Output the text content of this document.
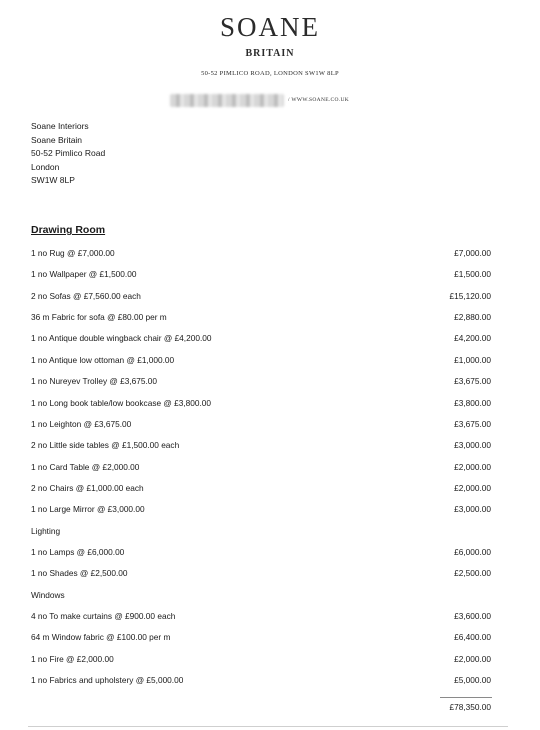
SOANE
BRITAIN
50-52 PIMLICO ROAD, LONDON SW1W 8LP
/ WWW.SOANE.CO.UK
Soane Interiors
Soane Britain
50-52 Pimlico Road
London
SW1W 8LP
Drawing Room
1 no Rug @ £7,000.00	£7,000.00
1 no Wallpaper @ £1,500.00	£1,500.00
2 no Sofas @ £7,560.00 each	£15,120.00
36 m Fabric for sofa @ £80.00 per m	£2,880.00
1 no Antique double wingback chair @ £4,200.00	£4,200.00
1 no Antique low ottoman @ £1,000.00	£1,000.00
1 no Nureyev Trolley @ £3,675.00	£3,675.00
1 no Long book table/low bookcase @ £3,800.00	£3,800.00
1 no Leighton @ £3,675.00	£3,675.00
2 no Little side tables @ £1,500.00 each	£3,000.00
1 no Card Table @ £2,000.00	£2,000.00
2 no Chairs @ £1,000.00 each	£2,000.00
1 no Large Mirror @ £3,000.00	£3,000.00
Lighting
1 no Lamps @ £6,000.00	£6,000.00
1 no Shades @ £2,500.00	£2,500.00
Windows
4 no To make curtains @ £900.00 each	£3,600.00
64 m Window fabric @ £100.00 per m	£6,400.00
1 no Fire @ £2,000.00	£2,000.00
1 no Fabrics and upholstery @ £5,000.00	£5,000.00
£78,350.00
